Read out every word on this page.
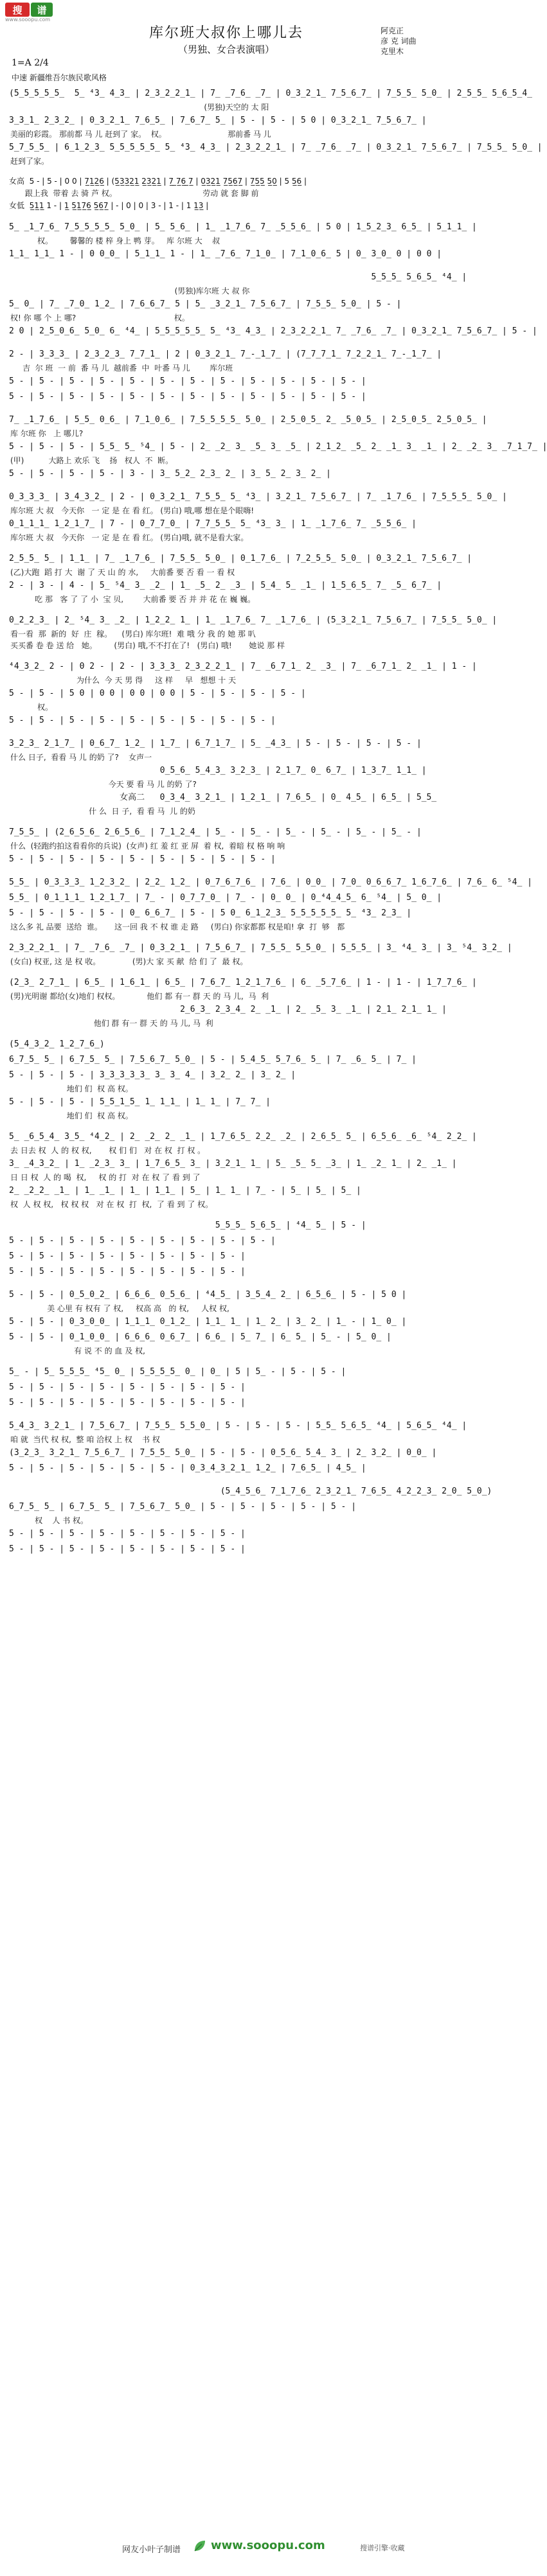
搜	谱
www.sooopu.com
库尔班大叔你上哪儿去
（男独、女合表演唱）
阿克正
彦 克 词曲
克里木
1=A 2/4
中速 新疆维吾尔族民歌风格
(5̲5̲5̲5̲5̲  5̲ ⁴3̲ 4̲3̲ | 2̲3̲2̲2̲1̲ | 7̲ ̲7̲6̲ ̲7̲ | 0̲3̲2̲1̲ 7̲5̲6̲7̲ | 7̲5̲5̲ 5̲0̲ | 2̲5̲5̲ 5̲6̲5̲4̲
(男独)天空的 太 阳
3̲3̲1̲ 2̲3̲2̲ | 0̲3̲2̲1̲ 7̲6̲5̲ | 7̲6̲7̲ 5̲ | 5 - | 5 - | 5 0 | 0̲3̲2̲1̲ 7̲5̲6̲7̲ |
美丽的彩霞。 那前都 马 儿 赶到了 家。  权。                         那前番 马 儿
5̲7̲5̲5̲ | 6̲1̲2̲3̲ 5̲5̲5̲5̲5̲ 5̲ ⁴3̲ 4̲3̲ | 2̲3̲2̲2̲1̲ | 7̲ ̲7̲6̲ ̲7̲ | 0̲3̲2̲1̲ 7̲5̲6̲7̲ | 7̲5̲5̲ 5̲0̲ |
赶到了家。
女高  5 - | 5 - | 0 0 | 7̲1̲2̲6̲ | (5̲3̲3̲2̲1̲ 2̲3̲2̲1̲ | 7̲ ̲7̲6̲ ̲7̲ | 0̲3̲2̲1̲ 7̲5̲6̲7̲ | 7̲5̲5̲ 5̲0̲ | 5 5̲6̲ |
跟上我  带着 去 骑 芦 权。                                   劳动 就 套 脚 前
女低  5̲1̲1̲ 1 - | 1̲ 5̲1̲7̲6̲ 5̲6̲7̲ | - | 0 | 0 | 3 - | 1 - | 1 1̲3̲ |
5̲ ̲1̲7̲6̲ 7̲5̲5̲5̲5̲ 5̲0̲ | 5̲ 5̲6̲ | 1̲ ̲1̲7̲6̲ 7̲ ̲5̲5̲6̲ | 5 0 | 1̲5̲2̲3̲ 6̲5̲ | 5̲1̲1̲ |
权。       馨馨的 楼 梓 身上 鸭 芽。   库 尔班 大    叔
1̲1̲ 1̲1̲ 1 - | 0 0̲0̲ | 5̲1̲1̲ 1 - | 1̲ ̲7̲6̲ 7̲1̲0̲ | 7̲1̲0̲6̲ 5 | 0̲ 3̲0̲ 0 | 0 0 |
5̲5̲5̲ 5̲6̲5̲ ⁴4̲ |
(男独)库尔班 大 叔 你
5̲ 0̲ | 7̲ ̲7̲0̲ 1̲2̲ | 7̲6̲6̲7̲ 5 | 5̲ ̲3̲2̲1̲ 7̲5̲6̲7̲ | 7̲5̲5̲ 5̲0̲ | 5 - |
权! 你 哪 个 上 哪?                                        权。
2 0 | 2̲5̲0̲6̲ 5̲0̲ 6̲ ⁴4̲ | 5̲5̲5̲5̲5̲ 5̲ ⁴3̲ 4̲3̲ | 2̲3̲2̲2̲1̲ 7̲ ̲7̲6̲ ̲7̲ | 0̲3̲2̲1̲ 7̲5̲6̲7̲ | 5 - |
2 - | 3̲3̲3̲ | 2̲3̲2̲3̲ 7̲7̲1̲ | 2 | 0̲3̲2̲1̲ 7̲-̲1̲7̲ | (7̲7̲7̲1̲ 7̲2̲2̲1̲ 7̲-̲1̲7̲ |
吉  尔 班  一 前  番 马 儿  越前番  中  叶番 马 儿        库尔班
5 - | 5 - | 5 - | 5 - | 5 - | 5 - | 5 - | 5 - | 5 - | 5 - | 5 - | 5 - |
5 - | 5 - | 5 - | 5 - | 5 - | 5 - | 5 - | 5 - | 5 - | 5 - | 5 - | 5 - |
7̲ ̲1̲7̲6̲ | 5̲5̲ 0̲6̲ | 7̲1̲0̲6̲ | 7̲5̲5̲5̲5̲ 5̲0̲ | 2̲5̲0̲5̲ 2̲ ̲5̲0̲5̲ | 2̲5̲0̲5̲ 2̲5̲0̲5̲ |
库 尔班 你   上 哪儿?
5 - | 5 - | 5 - | 5̲5̲ 5̲ ⁵4̲ | 5 - | 2̲ ̲2̲ 3̲ ̲5̲ 3̲ ̲5̲ | 2̲1̲2̲ ̲5̲ 2̲ ̲1̲ 3̲ ̲1̲ | 2̲ ̲2̲ 3̲ ̲7̲1̲7̲ |
(甲)          大路上 欢乐 飞    扬   权人  不  断。
5 - | 5 - | 5 - | 5 - | 3 - | 3̲ 5̲2̲ 2̲3̲ 2̲ | 3̲ 5̲ 2̲ 3̲ 2̲ |
0̲3̲3̲3̲ | 3̲4̲3̲2̲ | 2 - | 0̲3̲2̲1̲ 7̲5̲5̲ 5̲ ⁴3̲ | 3̲2̲1̲ 7̲5̲6̲7̲ | 7̲ ̲1̲7̲6̲ | 7̲5̲5̲5̲ 5̲0̲ |
库尔班 大 叔   今天你   一 定 是 在 看 红。 (男白) 哦,哪 想在是个眼嗨!
0̲1̲1̲1̲ 1̲2̲1̲7̲ | 7 - | 0̲7̲7̲0̲ | 7̲7̲5̲5̲ 5̲ ⁴3̲ 3̲ | 1̲ ̲1̲7̲6̲ 7̲ ̲5̲5̲6̲ |
库尔班 大 叔   今天你   一 定 是 在 看 红。 (男白)哦, 就不是看大家。
2̲5̲5̲ 5̲ | 1̲1̲ | 7̲ ̲1̲7̲6̲ | 7̲5̲5̲ 5̲0̲ | 0̲1̲7̲6̲ | 7̲2̲5̲5̲ 5̲0̲ | 0̲3̲2̲1̲ 7̲5̲6̲7̲ |
(乙)大跑  蹈 打 大  谢 了 天 山 的 水,     大前番 要 否 看 一 看 权
2 - | 3 - | 4 - | 5̲ ⁵4̲ 3̲ ̲2̲ | 1̲ ̲5̲ 2̲ ̲3̲ | 5̲4̲ 5̲ ̲1̲ | 1̲5̲6̲5̲ 7̲ ̲5̲ 6̲7̲ |
吃 那   客 了 了 小  宝 贝,        大前番 要 否 并 并 花 在 巍 巍。
0̲2̲2̲3̲ | 2̲ ⁵4̲ 3̲ ̲2̲ | 1̲2̲2̲ 1̲ | 1̲ ̲1̲7̲6̲ 7̲ ̲1̲7̲6̲ | (5̲3̲2̲1̲ 7̲5̲6̲7̲ | 7̲5̲5̲ 5̲0̲ |
看一看  那  新的  好  庄  稼。    (男白) 库尔班!  难 哦 分 我 的 她 那 叭
买买番 卷 卷 送 给   她。       (男白) 哦,不不打在了!   (男白) 哦!       她说 那 样
⁴4̲3̲2̲ 2 - | 0 2 - | 2 - | 3̲3̲3̲ 2̲3̲2̲2̲1̲ | 7̲ ̲6̲7̲1̲ 2̲ ̲3̲ | 7̲ ̲6̲7̲1̲ 2̲ ̲1̲ | 1 - |
为什么  今 天 男 得     这 样     早   想想 十 天
5 - | 5 - | 5 0 | 0 0 | 0 0 | 0 0 | 5 - | 5 - | 5 - | 5 - |
权。
5 - | 5 - | 5 - | 5 - | 5 - | 5 - | 5 - | 5 - | 5 - |
3̲2̲3̲ 2̲1̲7̲ | 0̲6̲7̲ 1̲2̲ | 1̲7̲ | 6̲7̲1̲7̲ | 5̲ ̲4̲3̲ | 5 - | 5 - | 5 - | 5 - |
什么 日子,  看看 马 儿 的奶 了?    女声一
0̲5̲6̲ 5̲4̲3̲ 3̲2̲3̲ | 2̲1̲7̲ 0̲ 6̲7̲ | 1̲3̲7̲ 1̲1̲ |
今天 要 看 马 儿 的奶 了?
女高二   0̲3̲4̲ 3̲2̲1̲ | 1̲2̲1̲ | 7̲6̲5̲ | 0̲ 4̲5̲ | 6̲5̲ | 5̲5̲
什 么  日 子,  看 看 马  儿 的奶
7̲5̲5̲ | (2̲6̲5̲6̲ 2̲6̲5̲6̲ | 7̲1̲2̲4̲ | 5̲ - | 5̲ - | 5̲ - | 5̲ - | 5̲ - | 5̲ - |
什么  (轻跑约拍这看看你的兵说)  (女声) 红 羞 红 亚 屏  着 权,  着暗 权 格 响 响
5 - | 5 - | 5 - | 5 - | 5 - | 5 - | 5 - | 5 - | 5 - |
5̲5̲ | 0̲3̲3̲3̲ 1̲2̲3̲2̲ | 2̲2̲ 1̲2̲ | 0̲7̲6̲7̲6̲ | 7̲6̲ | 0̲0̲ | 7̲0̲ 0̲6̲6̲7̲ 1̲6̲7̲6̲ | 7̲6̲ 6̲ ⁵4̲ |
5̲5̲ | 0̲1̲1̲1̲ 1̲2̲1̲7̲ | 7̲ - | 0̲7̲7̲0̲ | 7̲ - | 0̲ 0̲ | 0̲⁴4̲4̲5̲ 6̲ ⁵4̲ | 5̲ 0̲ |
5 - | 5 - | 5 - | 5 - | 0̲ 6̲6̲7̲ | 5 - | 5 0̲ 6̲1̲2̲3̲ 5̲5̲5̲5̲5̲ 5̲ ⁴3̲ 2̲3̲ |
这么多 礼 品要  送给  谁。     这一回 我 不 权 谁 走 路     (男白) 你家都都 权是咱! 拿  打  够   都
2̲3̲2̲2̲1̲ | 7̲ ̲7̲6̲ ̲7̲ | 0̲3̲2̲1̲ | 7̲5̲6̲7̲ | 7̲5̲5̲ 5̲5̲0̲ | 5̲5̲5̲ | 3̲ ⁴4̲ 3̲ | 3̲ ⁵4̲ 3̲2̲ |
(女白) 权亚, 这 是 权 收。             (男)大 家 买 献  给 们 了  最 权。
(2̲3̲ 2̲7̲1̲ | 6̲5̲ | 1̲6̲1̲ | 6̲5̲ | 7̲6̲7̲ 1̲2̲1̲7̲6̲ | 6̲ ̲5̲7̲6̲ | 1 - | 1 - | 1̲7̲7̲6̲ |
(男)光明谢 都给(女)地们 权权。           他们 都 有一 群 天 的 马 儿,  马  利
2̲6̲3̲ 2̲3̲4̲ 2̲ ̲1̲ | 2̲ ̲5̲ 3̲ ̲1̲ | 2̲1̲ 2̲1̲ 1̲ |
他们 群 有一 群 天 的 马 儿, 马  利
(5̲4̲3̲2̲ 1̲2̲7̲6̲)
6̲7̲5̲ 5̲ | 6̲7̲5̲ 5̲ | 7̲5̲6̲7̲ 5̲0̲ | 5 - | 5̲4̲5̲ 5̲7̲6̲ 5̲ | 7̲ ̲6̲ 5̲ | 7̲ |
5 - | 5 - | 5 - | 3̲3̲3̲3̲3̲ 3̲ 3̲ 4̲ | 3̲2̲ 2̲ | 3̲ 2̲ |
地们 们  权 高 权。
5 - | 5 - | 5 - | 5̲5̲1̲5̲ 1̲ 1̲1̲ | 1̲ 1̲ | 7̲ 7̲ |
地们 们  权 高 权。
5̲ ̲6̲5̲4̲ 3̲5̲ ⁴4̲2̲ | 2̲ ̲2̲ 2̲ ̲1̲ | 1̲7̲6̲5̲ 2̲2̲ ̲2̲ | 2̲6̲5̲ 5̲ | 6̲5̲6̲ ̲6̲ ⁵4̲ 2̲2̲ |
去 日去 权  人 的 权 权,       权 们 们   对 在 权  打 权 。
3̲ ̲4̲3̲2̲ | 1̲ ̲2̲3̲ 3̲ | 1̲7̲6̲5̲ 3̲ | 3̲2̲1̲ 1̲ | 5̲ ̲5̲ 5̲ ̲3̲ | 1̲ ̲2̲ 1̲ | 2̲ ̲1̲ |
日 日 权  人 的 喝  权,     权 的 打  对 在 权 了 看 到 了
2̲ ̲2̲2̲ ̲1̲ | 1̲ ̲1̲ | 1̲ | 1̲1̲ | 5̲ | 1̲ 1̲ | 7̲ - | 5̲ | 5̲ | 5̲ |
权  人 权 权,   权 权 权   对 在 权  打  权,  了 看 到 了 权。
5̲5̲5̲ 5̲6̲5̲ | ⁴4̲ 5̲ | 5 - |
5 - | 5 - | 5 - | 5 - | 5 - | 5 - | 5 - | 5 - | 5 - |
5 - | 5 - | 5 - | 5 - | 5 - | 5 - | 5 - | 5 - |
5 - | 5 - | 5 - | 5 - | 5 - | 5 - | 5 - | 5 - |
5 - | 5 - | 0̲5̲0̲2̲ | 6̲6̲6̲ 0̲5̲6̲ | ⁴4̲5̲ | 3̲5̲4̲ 2̲ | 6̲5̲6̲ | 5 - | 5 0 |
美 心里 有 权有 了 权,     权高 高   的 权,     人权 权,
5 - | 5 - | 0̲3̲0̲0̲ | 1̲1̲1̲ 0̲1̲2̲ | 1̲1̲ 1̲ | 1̲ 2̲ | 3̲ 2̲ | 1̲ - | 1̲ 0̲ |
5 - | 5 - | 0̲1̲0̲0̲ | 6̲6̲6̲ 0̲6̲7̲ | 6̲6̲ | 5̲ 7̲ | 6̲ 5̲ | 5̲ - | 5̲ 0̲ |
有 说 不 的 血 及 权,
5̲ - | 5̲ 5̲5̲5̲ ⁴5̲ 0̲ | 5̲5̲5̲5̲ 0̲ | 0̲ | 5 | 5̲ - | 5 - | 5 - |
5 - | 5 - | 5 - | 5 - | 5 - | 5 - | 5 - | 5 - |
5 - | 5 - | 5 - | 5 - | 5 - | 5 - | 5 - | 5 - |
5̲4̲3̲ 3̲2̲1̲ | 7̲5̲6̲7̲ | 7̲5̲5̲ 5̲5̲0̲ | 5 - | 5 - | 5 - | 5̲5̲ 5̲6̲5̲ ⁴4̲ | 5̲6̲5̲ ⁴4̲ |
咱 就  当代 权 权,  整 咱 洽权 上 权    书 权
(3̲2̲3̲ 3̲2̲1̲ 7̲5̲6̲7̲ | 7̲5̲5̲ 5̲0̲ | 5 - | 5 - | 0̲5̲6̲ 5̲4̲ 3̲ | 2̲ 3̲2̲ | 0̲0̲ |
5 - | 5 - | 5 - | 5 - | 5 - | 5 - | 0̲3̲4̲3̲2̲1̲ 1̲2̲ | 7̲6̲5̲ | 4̲5̲ |
(5̲4̲5̲6̲ 7̲1̲7̲6̲ 2̲3̲2̲1̲ 7̲6̲5̲ 4̲2̲2̲3̲ 2̲0̲ 5̲0̲)
6̲7̲5̲ 5̲ | 6̲7̲5̲ 5̲ | 7̲5̲6̲7̲ 5̲0̲ | 5 - | 5 - | 5 - | 5 - | 5 - |
权    人 书 权。
5 - | 5 - | 5 - | 5 - | 5 - | 5 - | 5 - | 5 - |
5 - | 5 - | 5 - | 5 - | 5 - | 5 - | 5 - | 5 - |
网友小叶子制谱	www.sooopu.com	搜谱引擎·收藏
